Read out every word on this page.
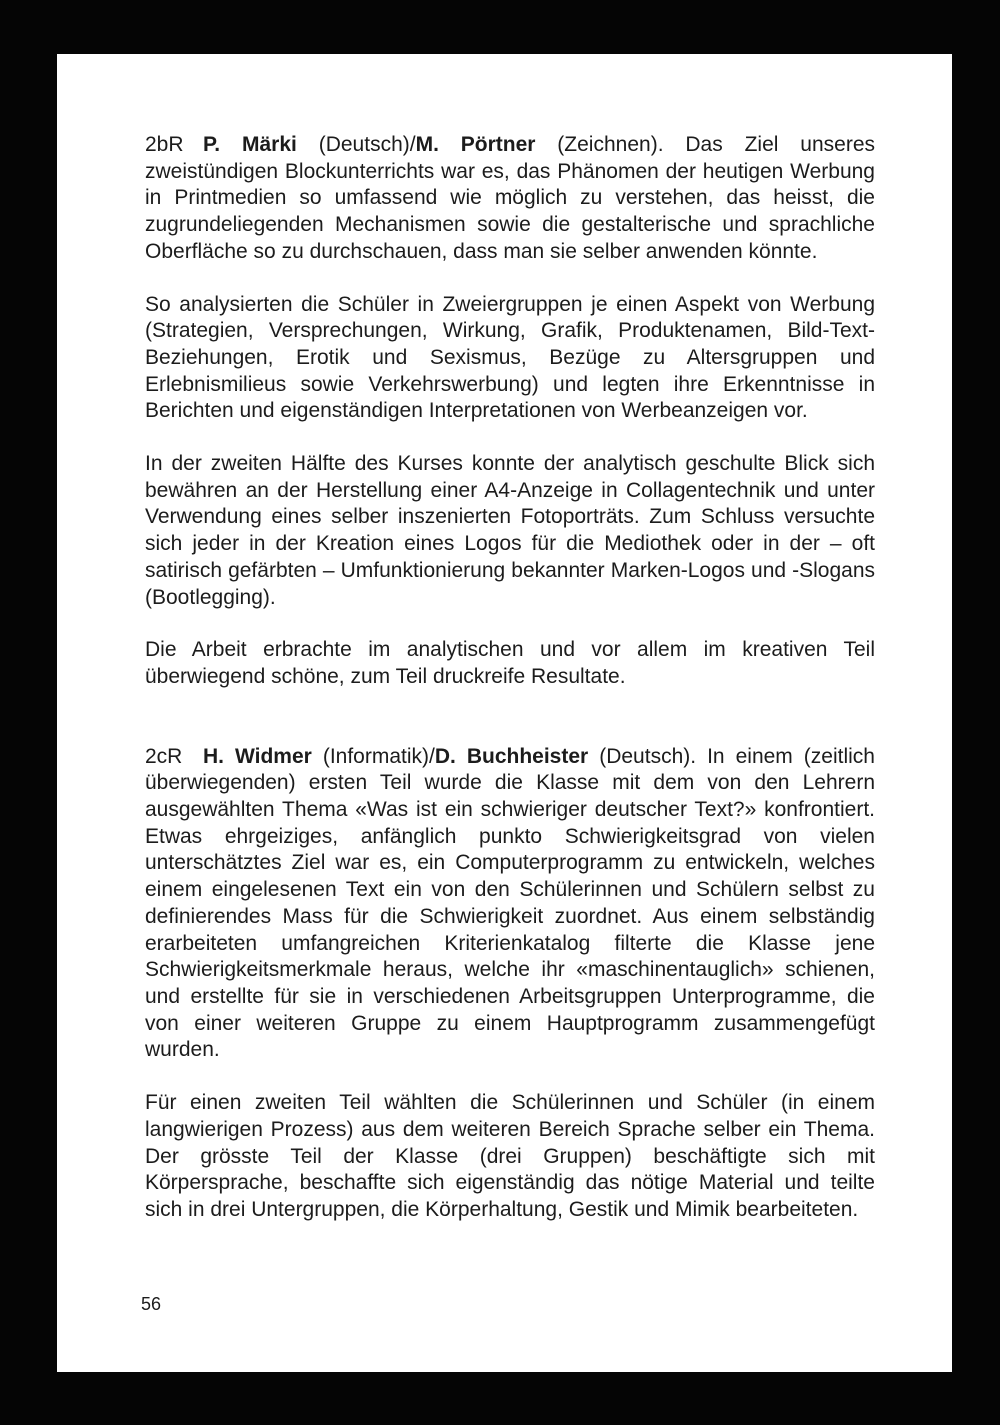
2bR P. Märki (Deutsch)/M. Pörtner (Zeichnen). Das Ziel unseres zweistündigen Blockunterrichts war es, das Phänomen der heutigen Werbung in Printmedien so umfassend wie möglich zu verstehen, das heisst, die zugrundeliegenden Mechanismen sowie die gestalterische und sprachliche Oberfläche so zu durchschauen, dass man sie selber anwenden könnte.

So analysierten die Schüler in Zweiergruppen je einen Aspekt von Werbung (Strategien, Versprechungen, Wirkung, Grafik, Produktenamen, Bild-Text-Beziehungen, Erotik und Sexismus, Bezüge zu Altersgruppen und Erlebnismilieus sowie Verkehrswerbung) und legten ihre Erkenntnisse in Berichten und eigenständigen Interpretationen von Werbeanzeigen vor.

In der zweiten Hälfte des Kurses konnte der analytisch geschulte Blick sich bewähren an der Herstellung einer A4-Anzeige in Collagentechnik und unter Verwendung eines selber inszenierten Fotoporträts. Zum Schluss versuchte sich jeder in der Kreation eines Logos für die Mediothek oder in der – oft satirisch gefärbten – Umfunktionierung bekannter Marken-Logos und -Slogans (Bootlegging).

Die Arbeit erbrachte im analytischen und vor allem im kreativen Teil überwiegend schöne, zum Teil druckreife Resultate.

2cR H. Widmer (Informatik)/D. Buchheister (Deutsch). In einem (zeitlich überwiegenden) ersten Teil wurde die Klasse mit dem von den Lehrern ausgewählten Thema «Was ist ein schwieriger deutscher Text?» konfrontiert. Etwas ehrgeiziges, anfänglich punkto Schwierigkeitsgrad von vielen unterschätztes Ziel war es, ein Computerprogramm zu entwickeln, welches einem eingelesenen Text ein von den Schülerinnen und Schülern selbst zu definierendes Mass für die Schwierigkeit zuordnet. Aus einem selbständig erarbeiteten umfangreichen Kriterienkatalog filterte die Klasse jene Schwierigkeitsmerkmale heraus, welche ihr «maschinentauglich» schienen, und erstellte für sie in verschiedenen Arbeitsgruppen Unterprogramme, die von einer weiteren Gruppe zu einem Hauptprogramm zusammengefügt wurden.

Für einen zweiten Teil wählten die Schülerinnen und Schüler (in einem langwierigen Prozess) aus dem weiteren Bereich Sprache selber ein Thema. Der grösste Teil der Klasse (drei Gruppen) beschäftigte sich mit Körpersprache, beschaffte sich eigenständig das nötige Material und teilte sich in drei Untergruppen, die Körperhaltung, Gestik und Mimik bearbeiteten.

56
